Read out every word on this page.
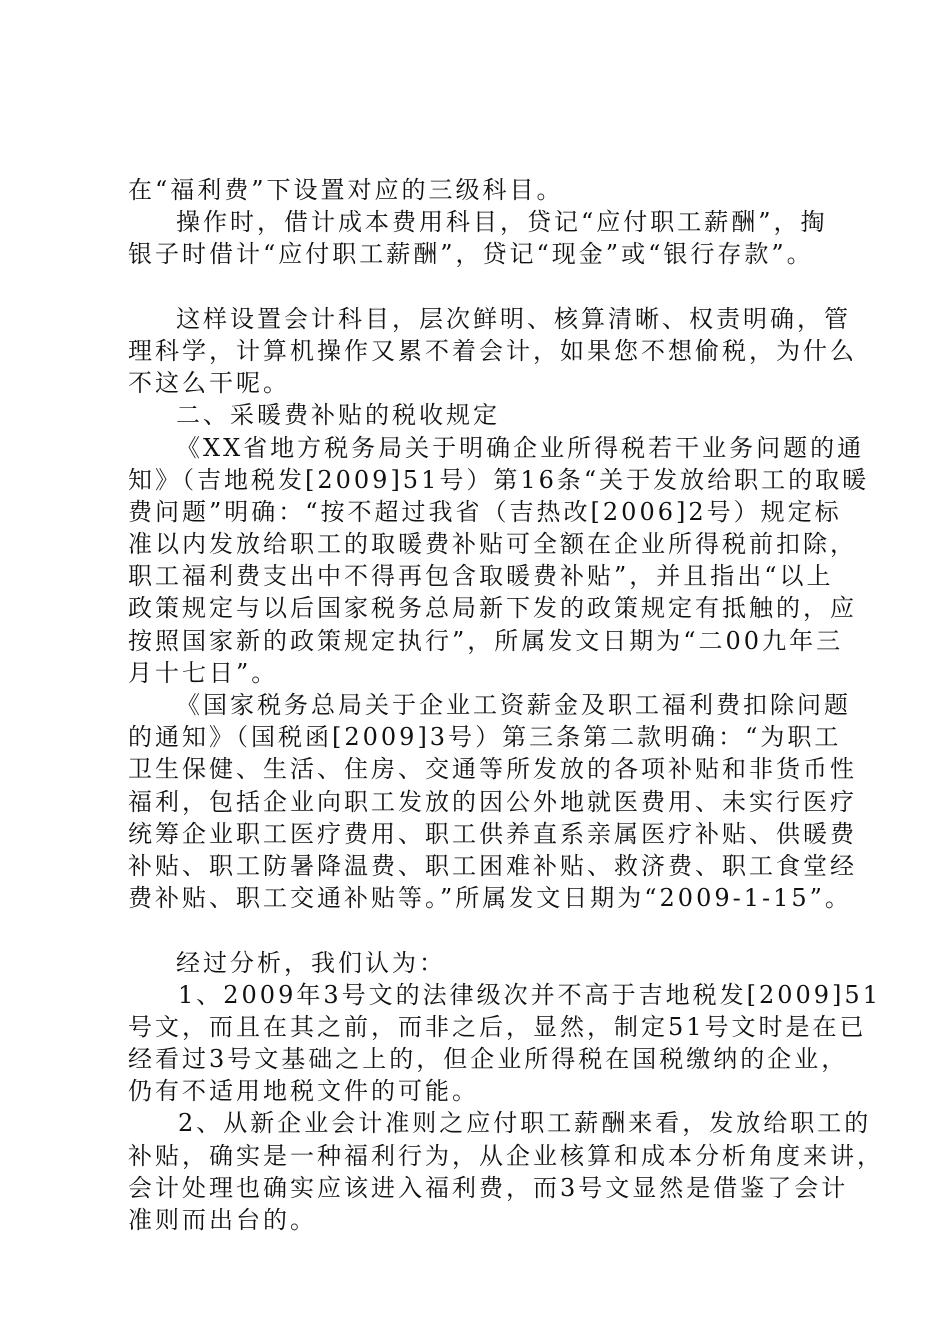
在“福利费”下设置对应的三级科目。
操作时，借计成本费用科目，贷记“应付职工薪酬”，掏
银子时借计“应付职工薪酬”，贷记“现金”或“银行存款”。
这样设置会计科目，层次鲜明、核算清晰、权责明确，管
理科学，计算机操作又累不着会计，如果您不想偷税，为什么
不这么干呢。
二、采暖费补贴的税收规定
《XX省地方税务局关于明确企业所得税若干业务问题的通
知》（吉地税发[2009]51号）第16条“关于发放给职工的取暖
费问题”明确：“按不超过我省（吉热改[2006]2号）规定标
准以内发放给职工的取暖费补贴可全额在企业所得税前扣除，
职工福利费支出中不得再包含取暖费补贴”，并且指出“以上
政策规定与以后国家税务总局新下发的政策规定有抵触的，应
按照国家新的政策规定执行”，所属发文日期为“二00九年三
月十七日”。
《国家税务总局关于企业工资薪金及职工福利费扣除问题
的通知》（国税函[2009]3号）第三条第二款明确：“为职工
卫生保健、生活、住房、交通等所发放的各项补贴和非货币性
福利，包括企业向职工发放的因公外地就医费用、未实行医疗
统筹企业职工医疗费用、职工供养直系亲属医疗补贴、供暖费
补贴、职工防暑降温费、职工困难补贴、救济费、职工食堂经
费补贴、职工交通补贴等。”所属发文日期为“2009-1-15”。
经过分析，我们认为：
1、2009年3号文的法律级次并不高于吉地税发[2009]51
号文，而且在其之前，而非之后，显然，制定51号文时是在已
经看过3号文基础之上的，但企业所得税在国税缴纳的企业，
仍有不适用地税文件的可能。
2、从新企业会计准则之应付职工薪酬来看，发放给职工的
补贴，确实是一种福利行为，从企业核算和成本分析角度来讲，
会计处理也确实应该进入福利费，而3号文显然是借鉴了会计
准则而出台的。
